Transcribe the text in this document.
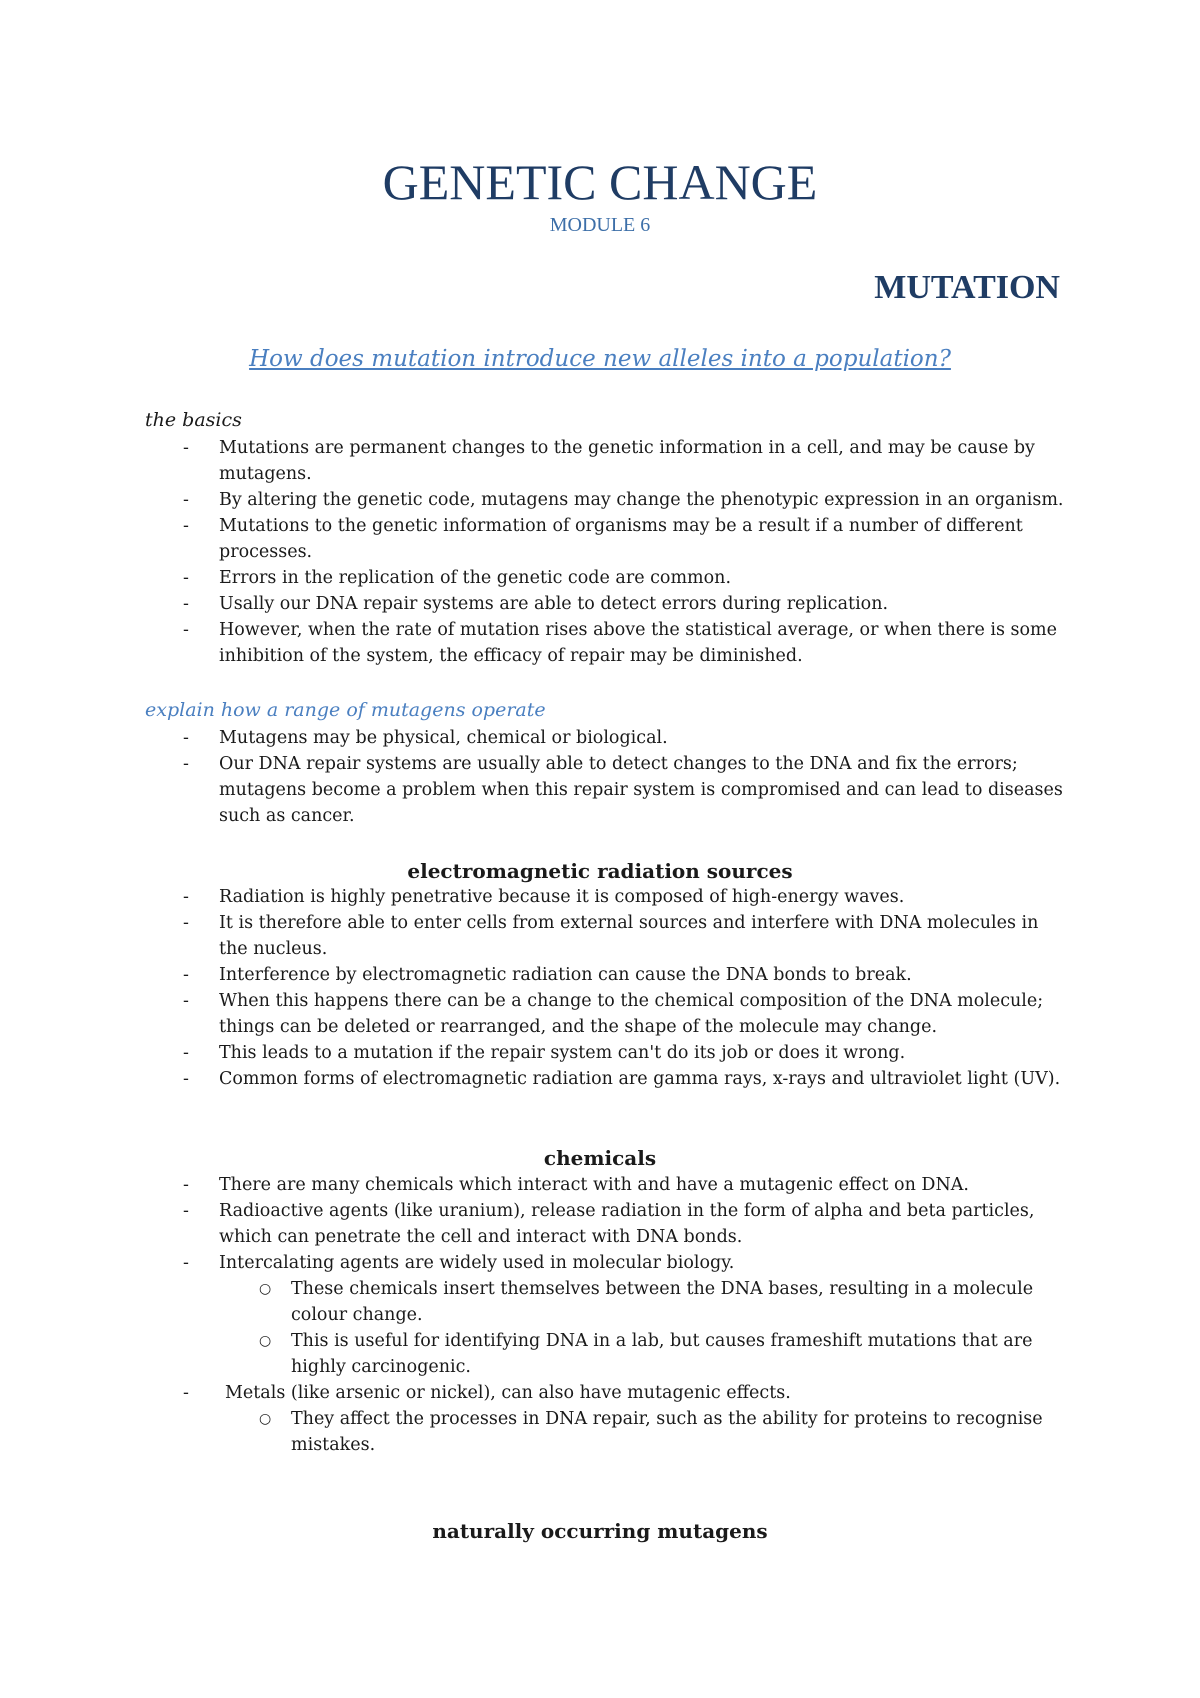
GENETIC CHANGE
MODULE 6
MUTATION
How does mutation introduce new alleles into a population?

the basics

- Mutations are permanent changes to the genetic information in a cell, and may be cause by mutagens.
- By altering the genetic code, mutagens may change the phenotypic expression in an organism.
- Mutations to the genetic information of organisms may be a result if a number of different processes.
- Errors in the replication of the genetic code are common.
- Usally our DNA repair systems are able to detect errors during replication.
- However, when the rate of mutation rises above the statistical average, or when there is some inhibition of the system, the efficacy of repair may be diminished.

explain how a range of mutagens operate

- Mutagens may be physical, chemical or biological.
- Our DNA repair systems are usually able to detect changes to the DNA and fix the errors; mutagens become a problem when this repair system is compromised and can lead to diseases such as cancer.
electromagnetic radiation sources
- Radiation is highly penetrative because it is composed of high-energy waves.
- It is therefore able to enter cells from external sources and interfere with DNA molecules in the nucleus.
- Interference by electromagnetic radiation can cause the DNA bonds to break.
- When this happens there can be a change to the chemical composition of the DNA molecule; things can be deleted or rearranged, and the shape of the molecule may change.
- This leads to a mutation if the repair system can't do its job or does it wrong.
- Common forms of electromagnetic radiation are gamma rays, x-rays and ultraviolet light (UV).
chemicals
- There are many chemicals which interact with and have a mutagenic effect on DNA.
- Radioactive agents (like uranium), release radiation in the form of alpha and beta particles, which can penetrate the cell and interact with DNA bonds.
- Intercalating agents are widely used in molecular biology.
○ These chemicals insert themselves between the DNA bases, resulting in a molecule colour change.
○ This is useful for identifying DNA in a lab, but causes frameshift mutations that are highly carcinogenic.
- Metals (like arsenic or nickel), can also have mutagenic effects.
○ They affect the processes in DNA repair, such as the ability for proteins to recognise mistakes.
naturally occurring mutagens
